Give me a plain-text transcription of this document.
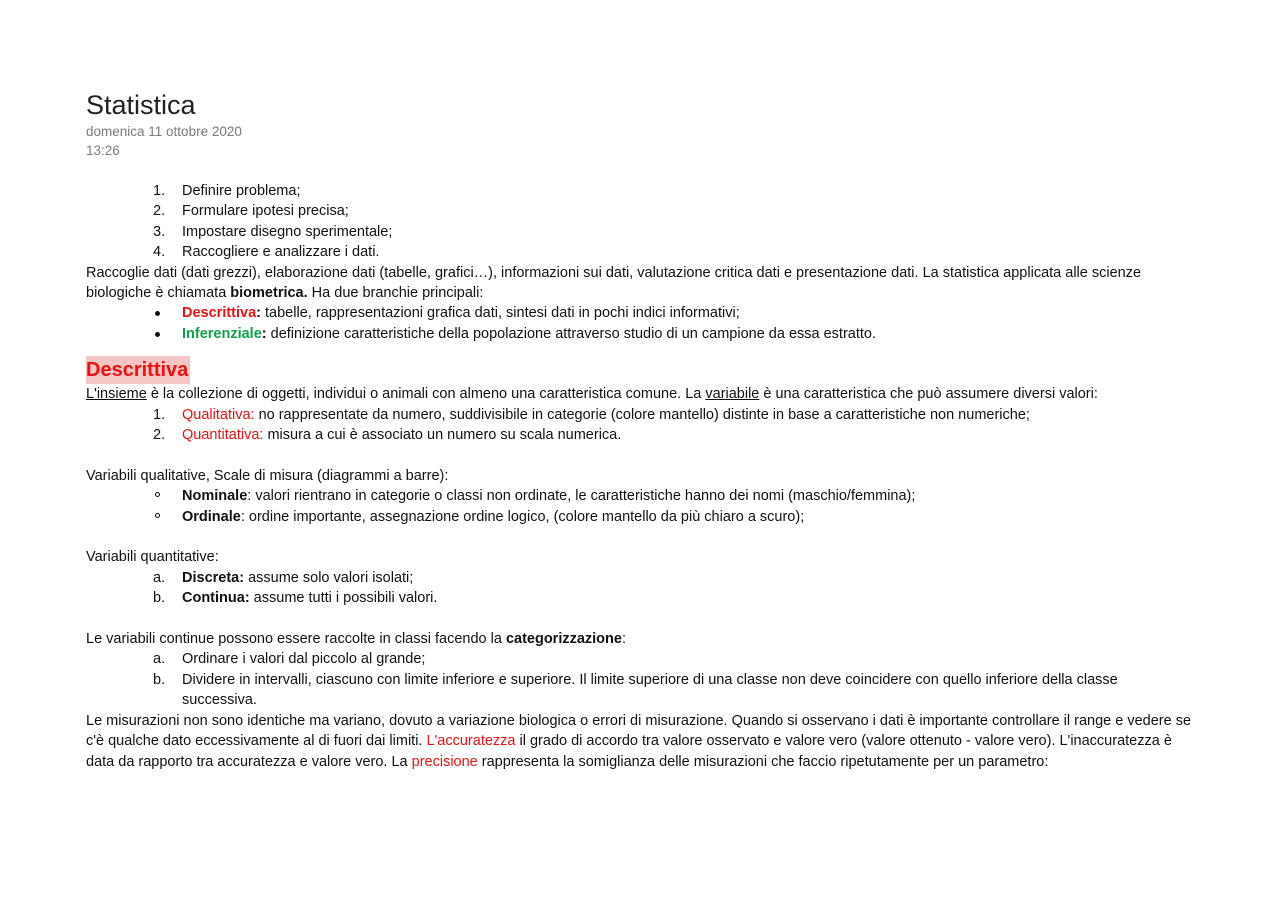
Statistica
domenica 11 ottobre 2020
13:26
1. Definire problema;
2. Formulare ipotesi precisa;
3. Impostare disegno sperimentale;
4. Raccogliere e analizzare i dati.

Raccoglie dati (dati grezzi), elaborazione dati (tabelle, grafici…), informazioni sui dati, valutazione critica dati e presentazione dati. La statistica applicata alle scienze biologiche è chiamata biometrica. Ha due branchie principali:

Descrittiva: tabelle, rappresentazioni grafica dati, sintesi dati in pochi indici informativi;
Inferenziale: definizione caratteristiche della popolazione attraverso studio di un campione da essa estratto.
Descrittiva

L'insieme è la collezione di oggetti, individui o animali con almeno una caratteristica comune. La variabile è una caratteristica che può assumere diversi valori:

1. Qualitativa: no rappresentate da numero, suddivisibile in categorie (colore mantello) distinte in base a caratteristiche non numeriche;
2. Quantitativa: misura a cui è associato un numero su scala numerica.
Variabili qualitative, Scale di misura (diagrammi a barre):
Nominale: valori rientrano in categorie o classi non ordinate, le caratteristiche hanno dei nomi (maschio/femmina);
Ordinale: ordine importante, assegnazione ordine logico, (colore mantello da più chiaro a scuro);
Variabili quantitative:
a. Discreta: assume solo valori isolati;
b. Continua: assume tutti i possibili valori.

Le variabili continue possono essere raccolte in classi facendo la categorizzazione:

a. Ordinare i valori dal piccolo al grande;
b. Dividere in intervalli, ciascuno con limite inferiore e superiore. Il limite superiore di una classe non deve coincidere con quello inferiore della classe successiva.

Le misurazioni non sono identiche ma variano, dovuto a variazione biologica o errori di misurazione. Quando si osservano i dati è importante controllare il range e vedere se c'è qualche dato eccessivamente al di fuori dai limiti. L'accuratezza il grado di accordo tra valore osservato e valore vero (valore ottenuto - valore vero). L'inaccuratezza è data da rapporto tra accuratezza e valore vero. La precisione rappresenta la somiglianza delle misurazioni che faccio ripetutamente per un parametro:
